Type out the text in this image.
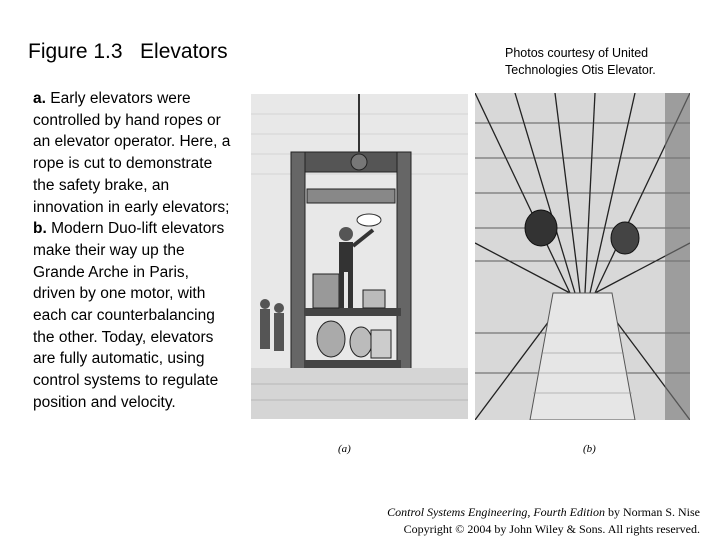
Figure 1.3   Elevators	Photos courtesy of United Technologies Otis Elevator.
a. Early elevators were controlled by hand ropes or an elevator operator. Here, a rope is cut to demonstrate the safety brake, an innovation in early elevators;
b. Modern Duo-lift elevators make their way up the Grande Arche in Paris, driven by one motor, with each car counterbalancing the other. Today, elevators are fully automatic, using control systems to regulate position and velocity.
(a)	(b)
Control Systems Engineering, Fourth Edition by Norman S. Nise
Copyright © 2004 by John Wiley & Sons. All rights reserved.
